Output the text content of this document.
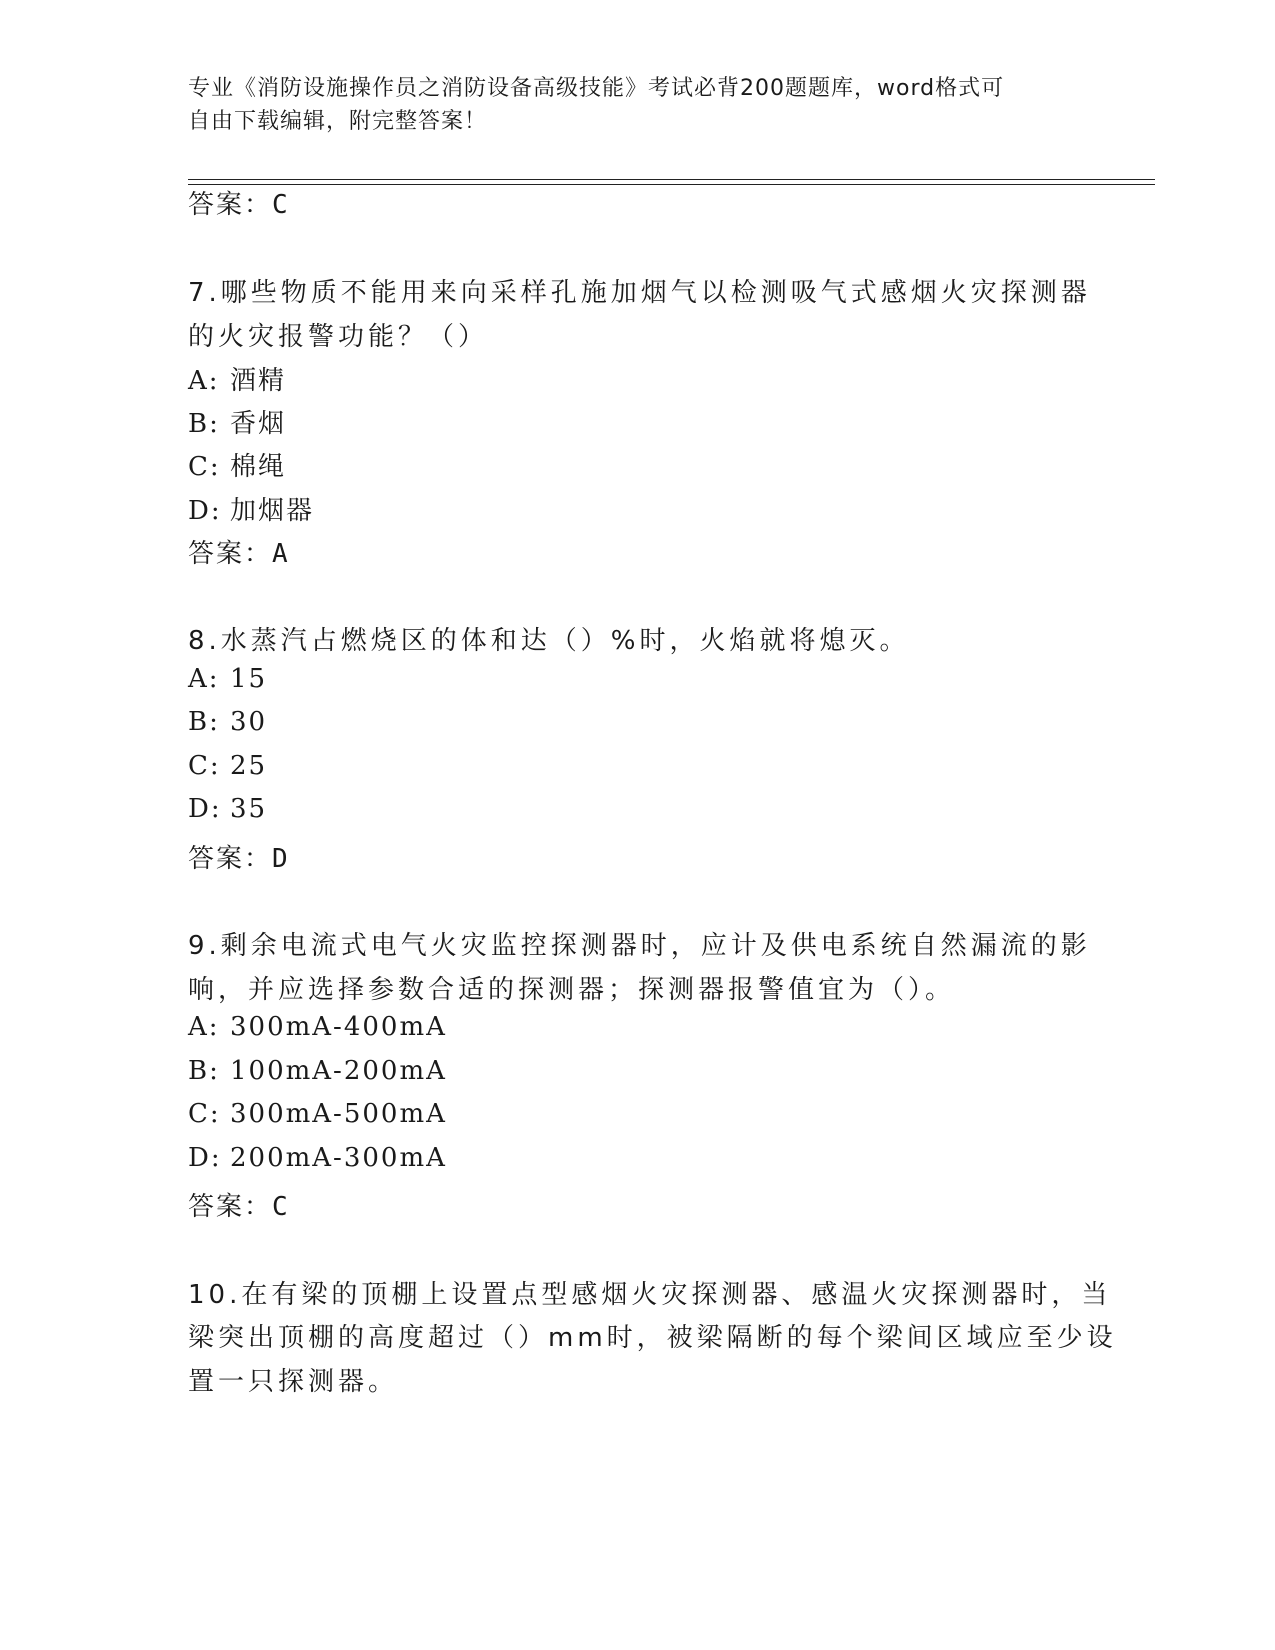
专业《消防设施操作员之消防设备高级技能》考试必背200题题库，word格式可
自由下载编辑，附完整答案！
答案：C
7.哪些物质不能用来向采样孔施加烟气以检测吸气式感烟火灾探测器
的火灾报警功能？（）
A: 酒精
B: 香烟
C: 棉绳
D: 加烟器
答案：A
8.水蒸汽占燃烧区的体和达（）%时，火焰就将熄灭。
A: 15
B: 30
C: 25
D: 35
答案：D
9.剩余电流式电气火灾监控探测器时，应计及供电系统自然漏流的影
响，并应选择参数合适的探测器；探测器报警值宜为（）。
A: 300mA-400mA
B: 100mA-200mA
C: 300mA-500mA
D: 200mA-300mA
答案：C
10.在有梁的顶棚上设置点型感烟火灾探测器、感温火灾探测器时，当
梁突出顶棚的高度超过（）mm时，被梁隔断的每个梁间区域应至少设
置一只探测器。
